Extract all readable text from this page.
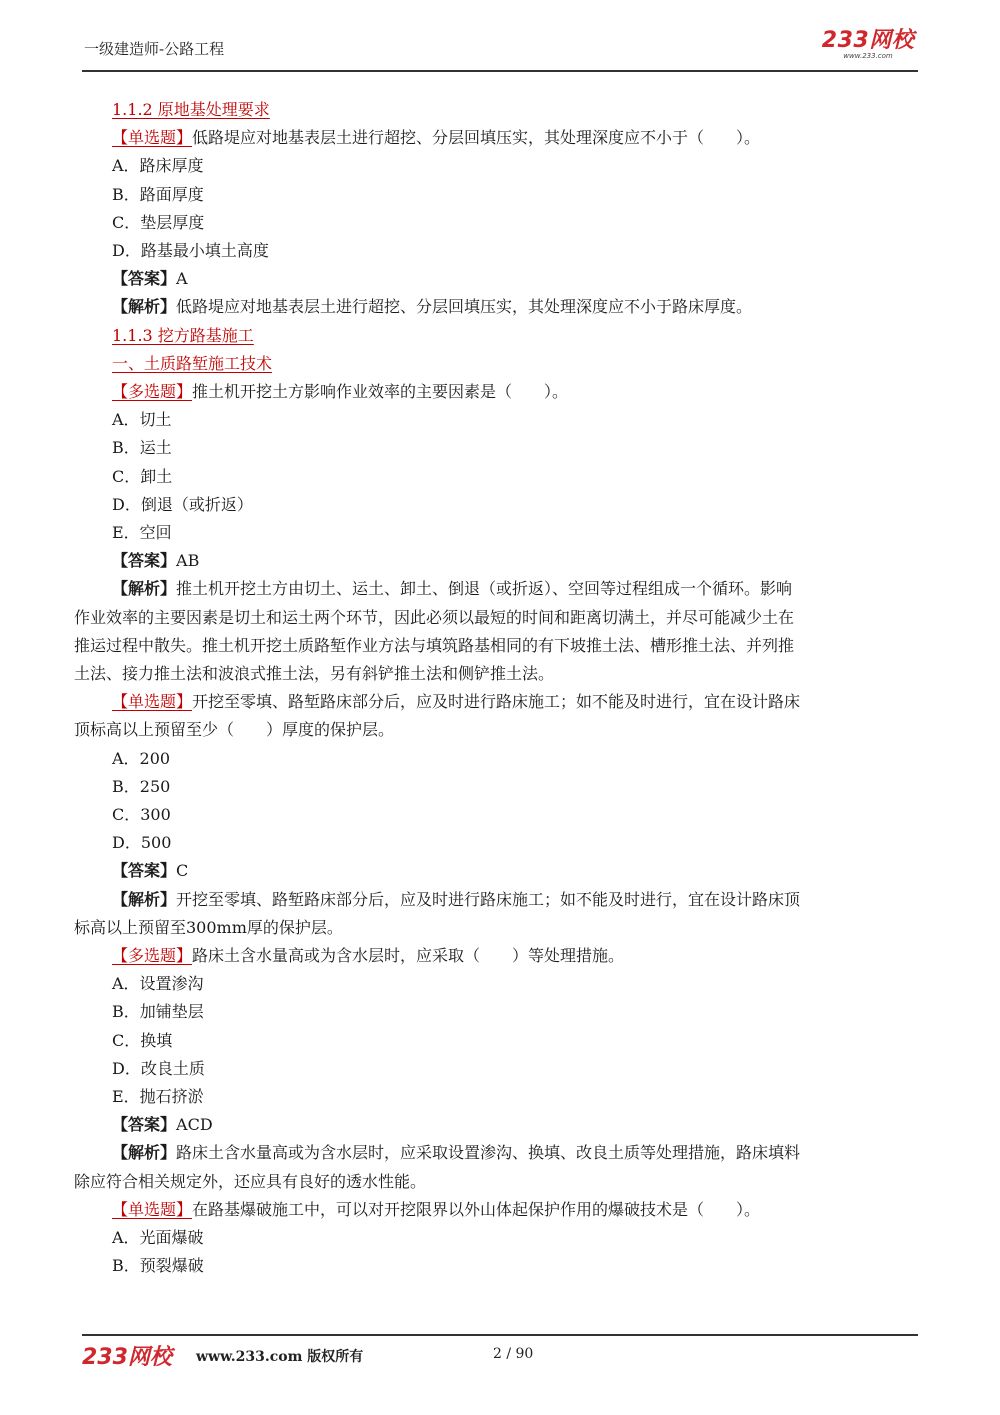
一级建造师-公路工程	233网校
www.233.com
1.1.2 原地基处理要求
【单选题】低路堤应对地基表层土进行超挖、分层回填压实，其处理深度应不小于（　　）。
A．路床厚度
B．路面厚度
C．垫层厚度
D．路基最小填土高度
【答案】A
【解析】低路堤应对地基表层土进行超挖、分层回填压实，其处理深度应不小于路床厚度。
1.1.3 挖方路基施工
一、土质路堑施工技术
【多选题】推土机开挖土方影响作业效率的主要因素是（　　）。
A．切土
B．运土
C．卸土
D．倒退（或折返）
E．空回
【答案】AB
【解析】推土机开挖土方由切土、运土、卸土、倒退（或折返）、空回等过程组成一个循环。影响
作业效率的主要因素是切土和运土两个环节，因此必须以最短的时间和距离切满土，并尽可能减少土在
推运过程中散失。推土机开挖土质路堑作业方法与填筑路基相同的有下坡推土法、槽形推土法、并列推
土法、接力推土法和波浪式推土法，另有斜铲推土法和侧铲推土法。
【单选题】开挖至零填、路堑路床部分后，应及时进行路床施工；如不能及时进行，宜在设计路床
顶标高以上预留至少（　　）厚度的保护层。
A．200
B．250
C．300
D．500
【答案】C
【解析】开挖至零填、路堑路床部分后，应及时进行路床施工；如不能及时进行，宜在设计路床顶
标高以上预留至300mm厚的保护层。
【多选题】路床土含水量高或为含水层时，应采取（　　）等处理措施。
A．设置渗沟
B．加铺垫层
C．换填
D．改良土质
E．抛石挤淤
【答案】ACD
【解析】路床土含水量高或为含水层时，应采取设置渗沟、换填、改良土质等处理措施，路床填料
除应符合相关规定外，还应具有良好的透水性能。
【单选题】在路基爆破施工中，可以对开挖限界以外山体起保护作用的爆破技术是（　　）。
A．光面爆破
B．预裂爆破
233网校 www.233.com 版权所有	2 / 90
